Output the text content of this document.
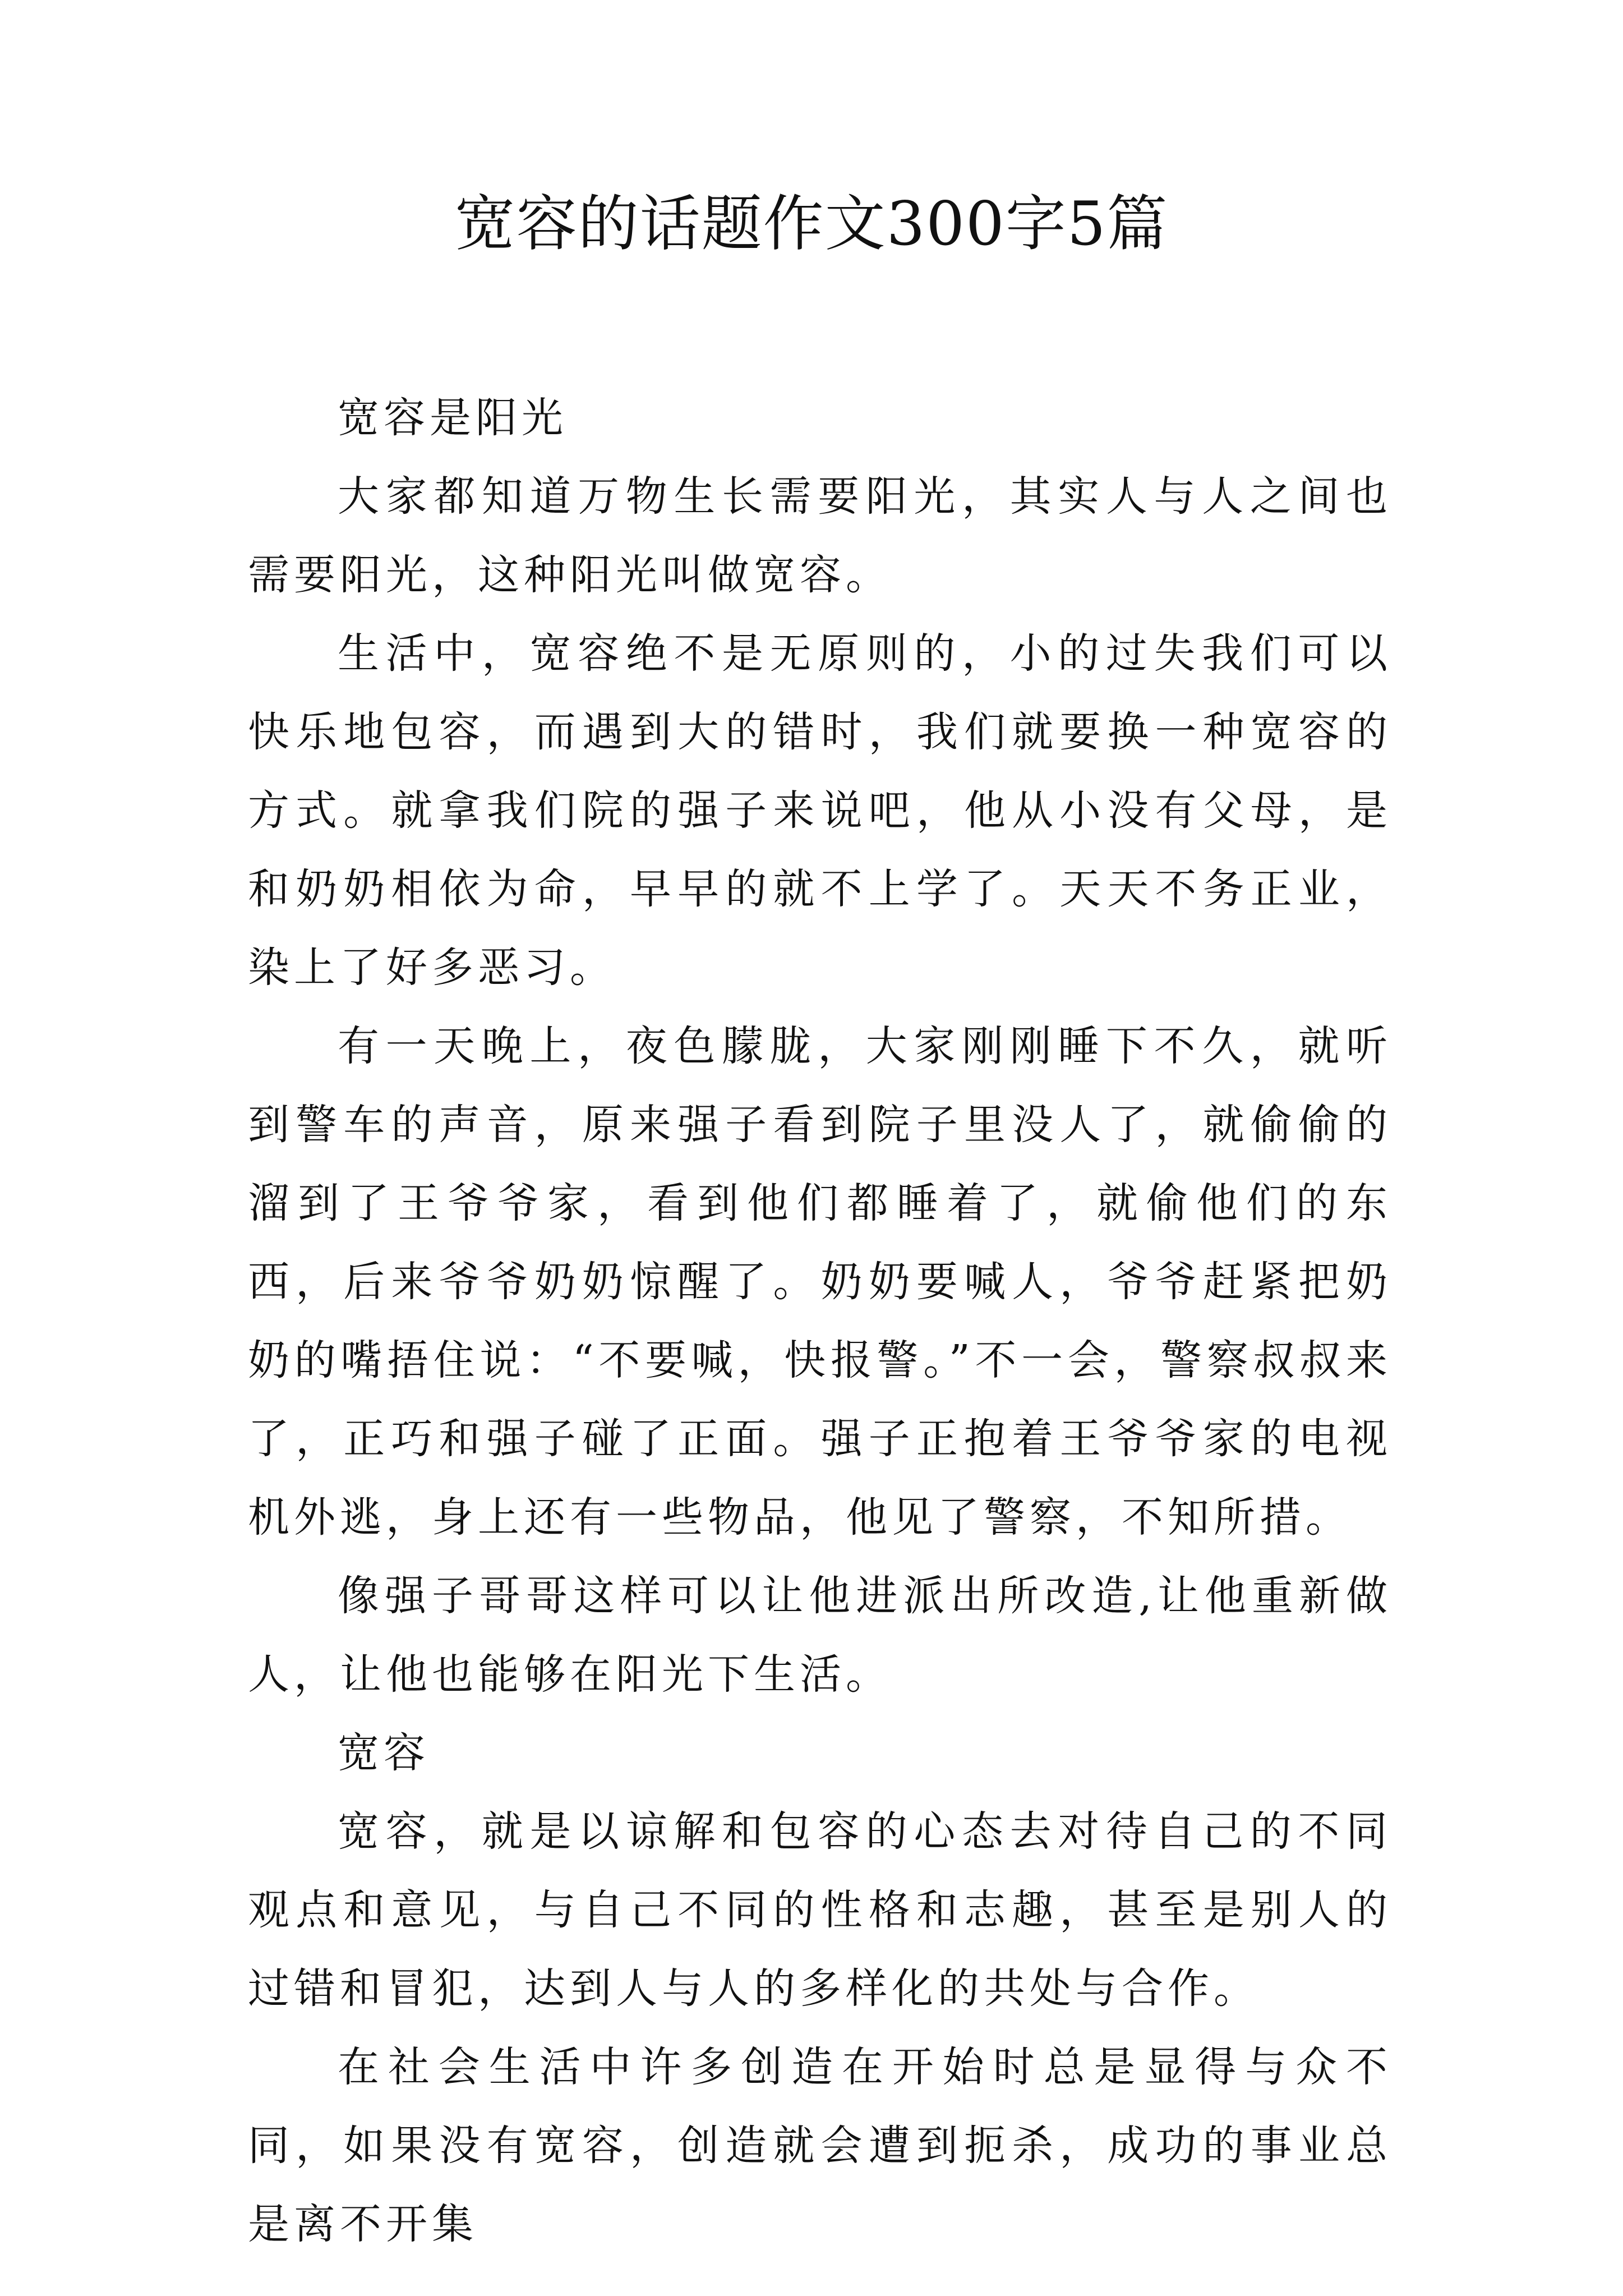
宽容的话题作文300字5篇

宽容是阳光

大家都知道万物生长需要阳光，其实人与人之间也需要阳光，这种阳光叫做宽容。

生活中，宽容绝不是无原则的，小的过失我们可以快乐地包容，而遇到大的错时，我们就要换一种宽容的方式。就拿我们院的强子来说吧，他从小没有父母，是和奶奶相依为命，早早的就不上学了。天天不务正业，染上了好多恶习。

有一天晚上，夜色朦胧，大家刚刚睡下不久，就听到警车的声音，原来强子看到院子里没人了，就偷偷的溜到了王爷爷家，看到他们都睡着了，就偷他们的东西，后来爷爷奶奶惊醒了。奶奶要喊人，爷爷赶紧把奶奶的嘴捂住说：“不要喊，快报警。”不一会，警察叔叔来了，正巧和强子碰了正面。强子正抱着王爷爷家的电视机外逃，身上还有一些物品，他见了警察，不知所措。

像强子哥哥这样可以让他进派出所改造,让他重新做人，让他也能够在阳光下生活。

宽容

宽容，就是以谅解和包容的心态去对待自己的不同观点和意见，与自己不同的性格和志趣，甚至是别人的过错和冒犯，达到人与人的多样化的共处与合作。

在社会生活中许多创造在开始时总是显得与众不同，如果没有宽容，创造就会遭到扼杀，成功的事业总是离不开集
